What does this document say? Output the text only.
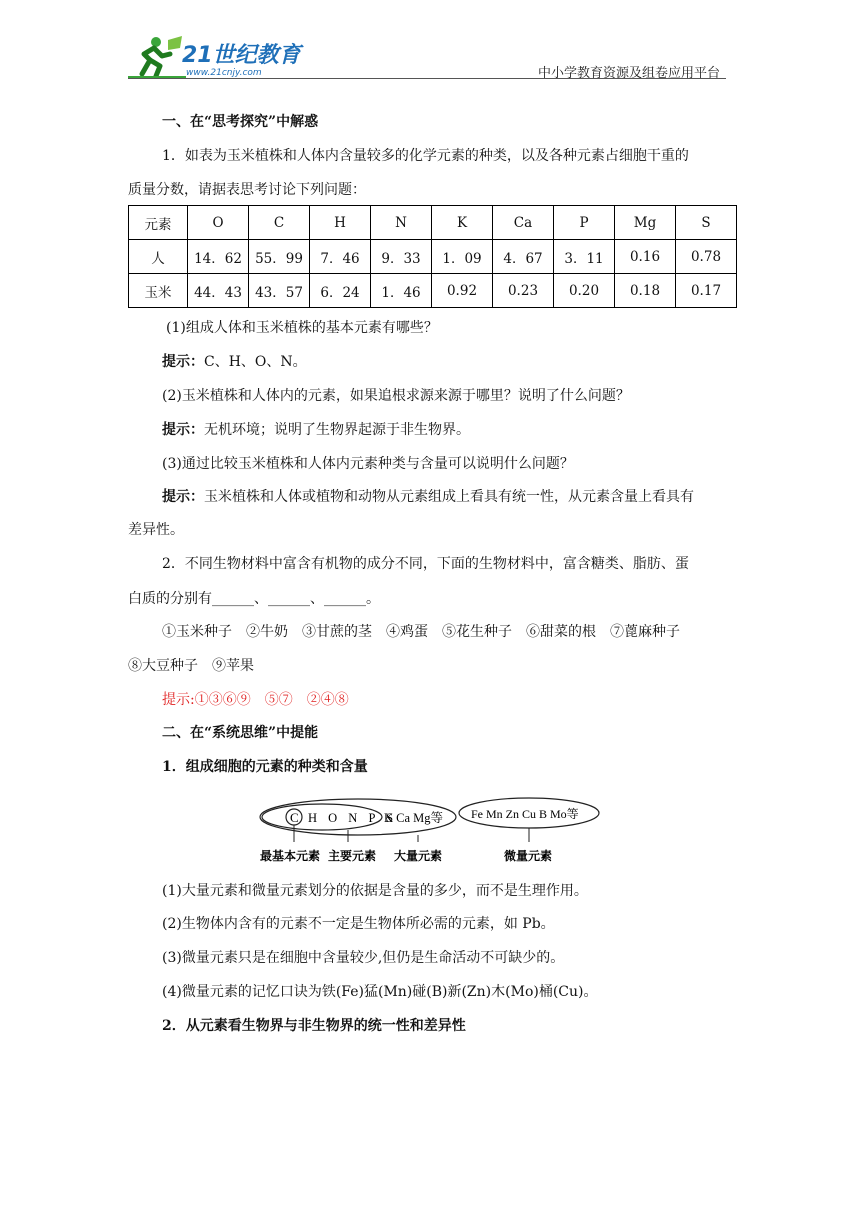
21世纪教育
www.21cnjy.com	中小学教育资源及组卷应用平台
一、在“思考探究”中解惑
1．如表为玉米植株和人体内含量较多的化学元素的种类，以及各种元素占细胞干重的
质量分数，请据表思考讨论下列问题：
元素	O	C	H	N	K	Ca	P	Mg	S
人	14．62	55．99	7．46	9．33	1．09	4．67	3．11	0.16	0.78
玉米	44．43	43．57	6．24	1．46	0.92	0.23	0.20	0.18	0.17
(1)组成人体和玉米植株的基本元素有哪些？
提示：C、H、O、N。
(2)玉米植株和人体内的元素，如果追根求源来源于哪里？说明了什么问题？
提示：无机环境；说明了生物界起源于非生物界。
(3)通过比较玉米植株和人体内元素种类与含量可以说明什么问题？
提示：玉米植株和人体或植物和动物从元素组成上看具有统一性，从元素含量上看具有
差异性。
2．不同生物材料中富含有机物的成分不同，下面的生物材料中，富含糖类、脂肪、蛋
白质的分别有______、______、______。
①玉米种子　②牛奶　③甘蔗的茎　④鸡蛋　⑤花生种子　⑥甜菜的根　⑦蓖麻种子
⑧大豆种子　⑨苹果
提示:①③⑥⑨　⑤⑦　②④⑧
二、在“系统思维”中提能
1．组成细胞的元素的种类和含量
C H O N P S
K Ca Mg等 Fe Mn Zn Cu B Mo等
最基本元素 主要元素 大量元素	微量元素
(1)大量元素和微量元素划分的依据是含量的多少，而不是生理作用。
(2)生物体内含有的元素不一定是生物体所必需的元素，如 Pb。
(3)微量元素只是在细胞中含量较少,但仍是生命活动不可缺少的。
(4)微量元素的记忆口诀为铁(Fe)猛(Mn)碰(B)新(Zn)木(Mo)桶(Cu)。
2．从元素看生物界与非生物界的统一性和差异性
